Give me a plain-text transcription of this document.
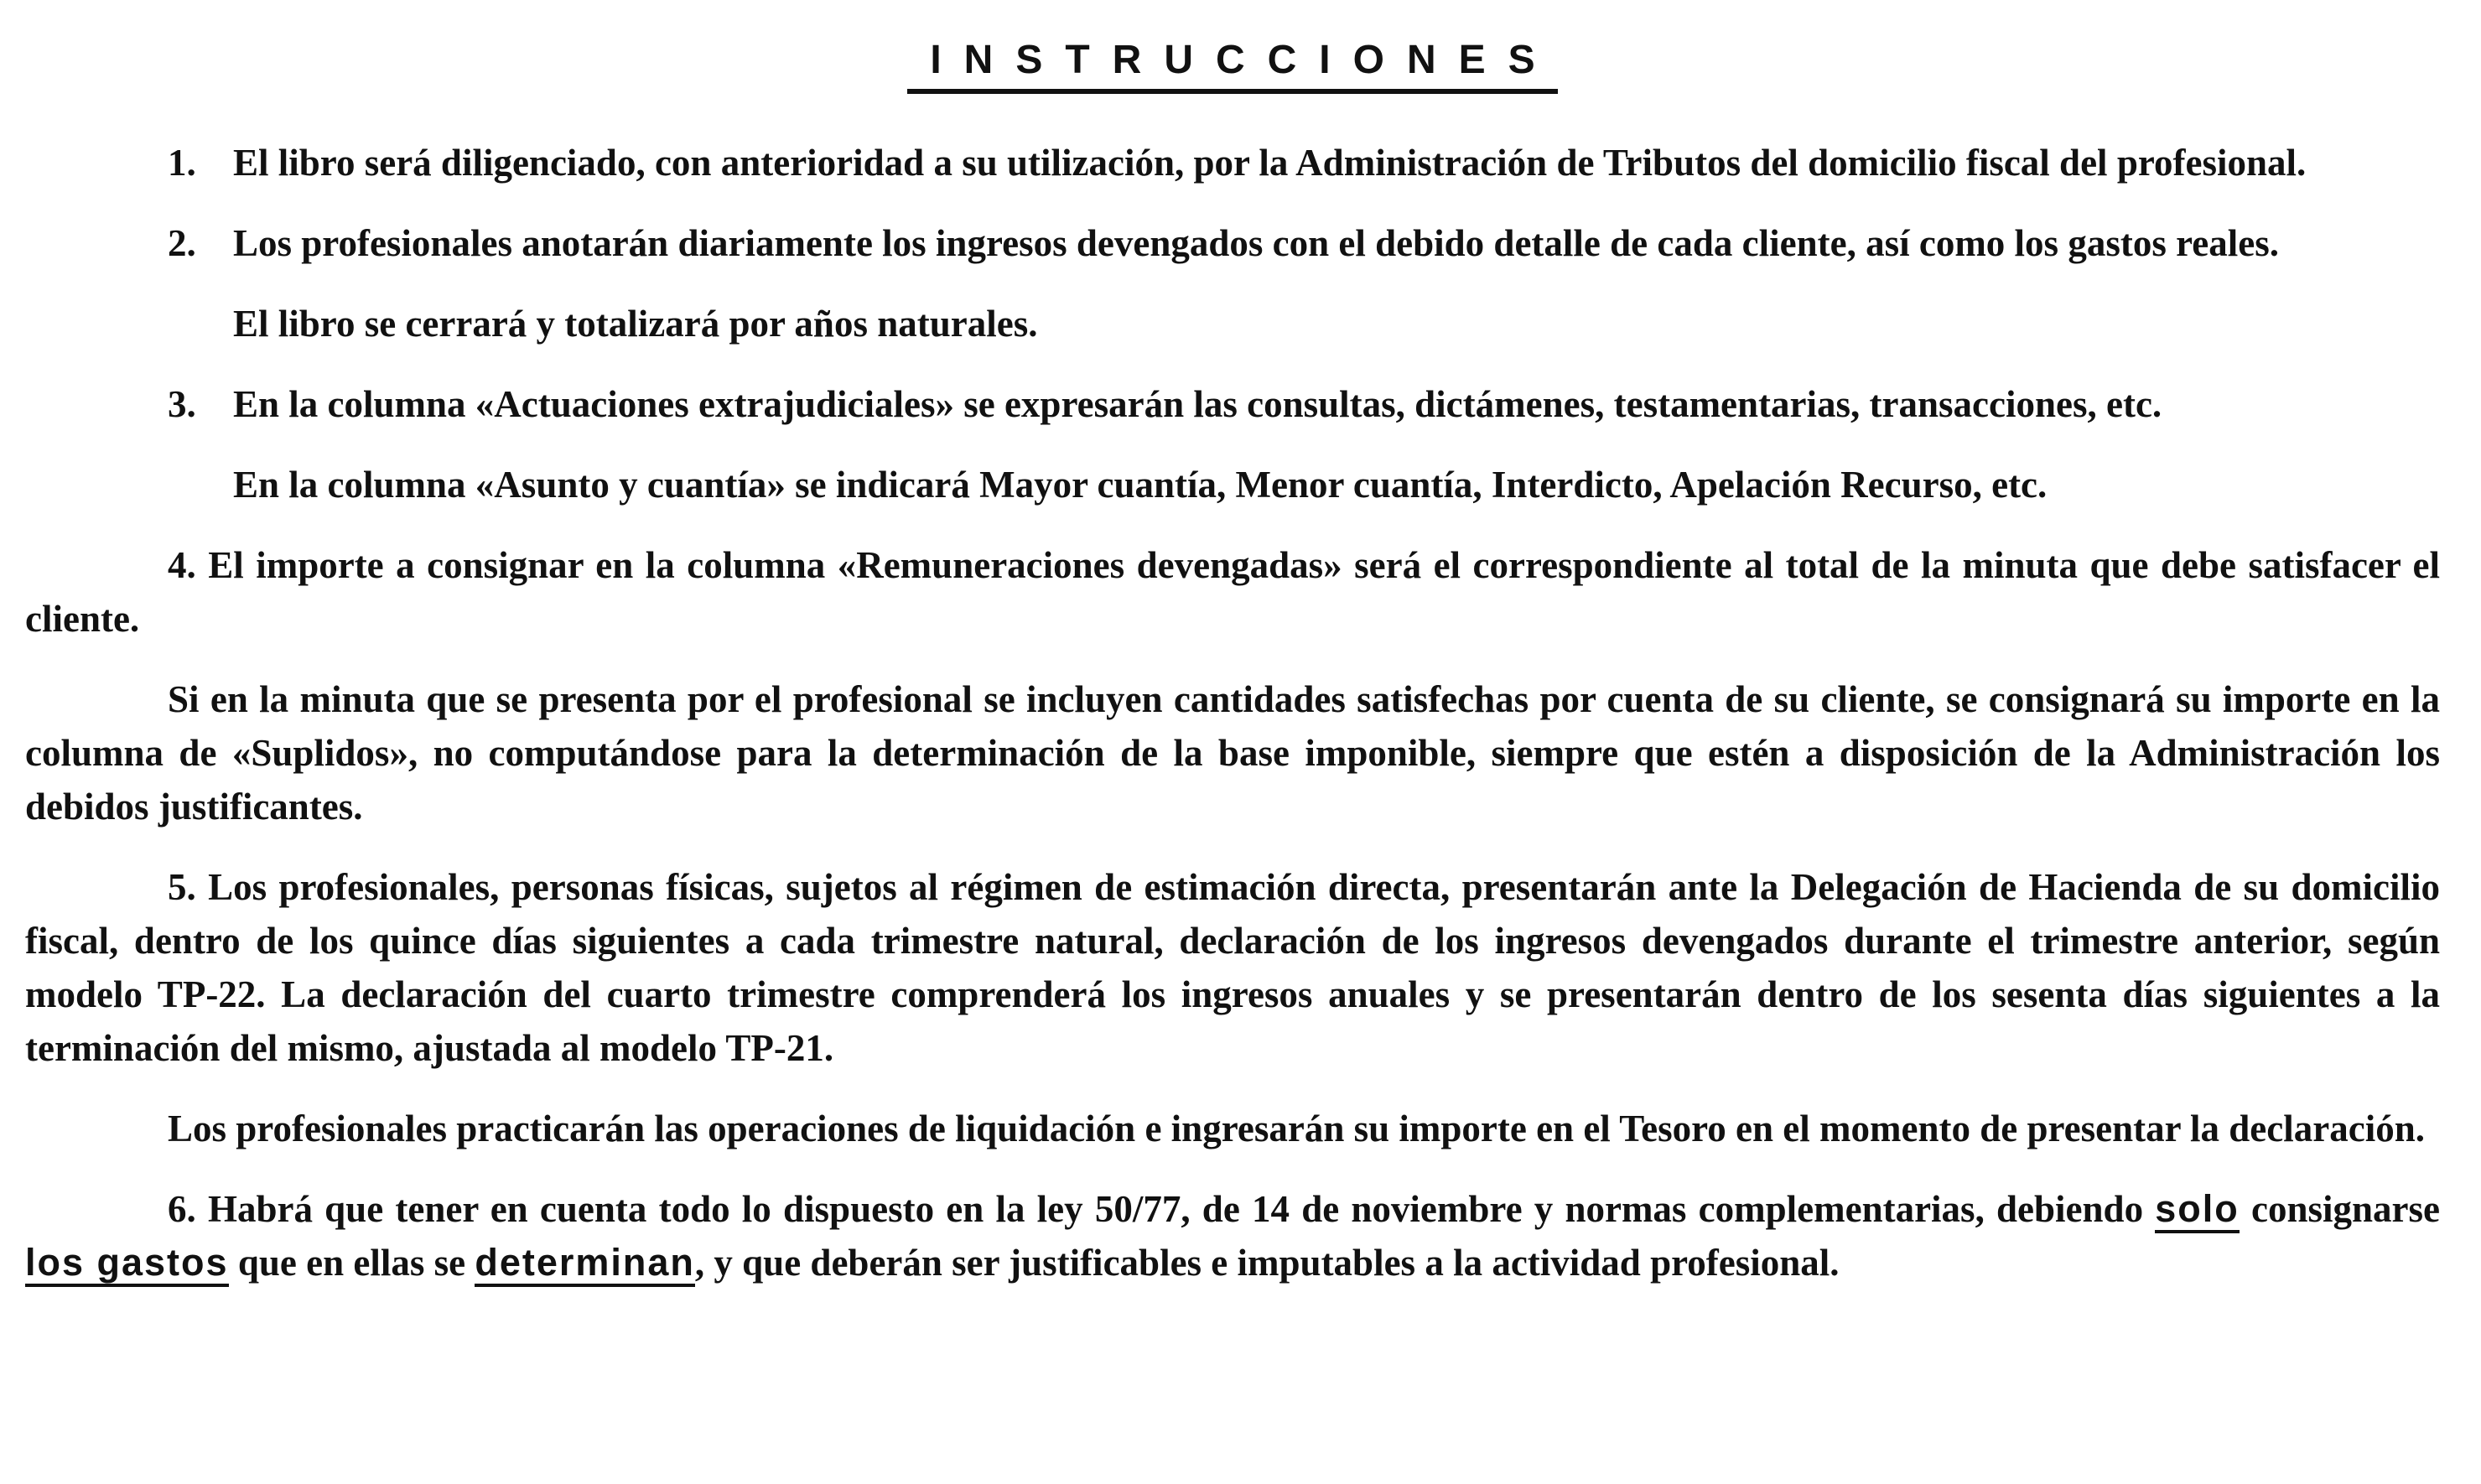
INSTRUCCIONES
1. El libro será diligenciado, con anterioridad a su utilización, por la Administración de Tributos del domicilio fiscal del profesional.
2. Los profesionales anotarán diariamente los ingresos devengados con el debido detalle de cada cliente, así como los gastos reales.
El libro se cerrará y totalizará por años naturales.
3. En la columna «Actuaciones extrajudiciales» se expresarán las consultas, dictámenes, testamentarias, transacciones, etc.
En la columna «Asunto y cuantía» se indicará Mayor cuantía, Menor cuantía, Interdicto, Apelación Recurso, etc.

4. El importe a consignar en la columna «Remuneraciones devengadas» será el correspondiente al total de la minuta que debe satisfacer el cliente.

Si en la minuta que se presenta por el profesional se incluyen cantidades satisfechas por cuenta de su cliente, se consignará su importe en la columna de «Suplidos», no computándose para la determinación de la base imponible, siempre que estén a disposición de la Administración los debidos justificantes.

5. Los profesionales, personas físicas, sujetos al régimen de estimación directa, presentarán ante la Delegación de Hacienda de su domicilio fiscal, dentro de los quince días siguientes a cada trimestre natural, declaración de los ingresos devengados durante el trimestre anterior, según modelo TP-22. La declaración del cuarto trimestre comprenderá los ingresos anuales y se presentarán dentro de los sesenta días siguientes a la terminación del mismo, ajustada al modelo TP-21.

Los profesionales practicarán las operaciones de liquidación e ingresarán su importe en el Tesoro en el momento de presentar la declaración.

6. Habrá que tener en cuenta todo lo dispuesto en la ley 50/77, de 14 de noviembre y normas complementarias, debiendo solo consignarse los gastos que en ellas se determinan, y que deberán ser justificables e imputables a la actividad profesional.
